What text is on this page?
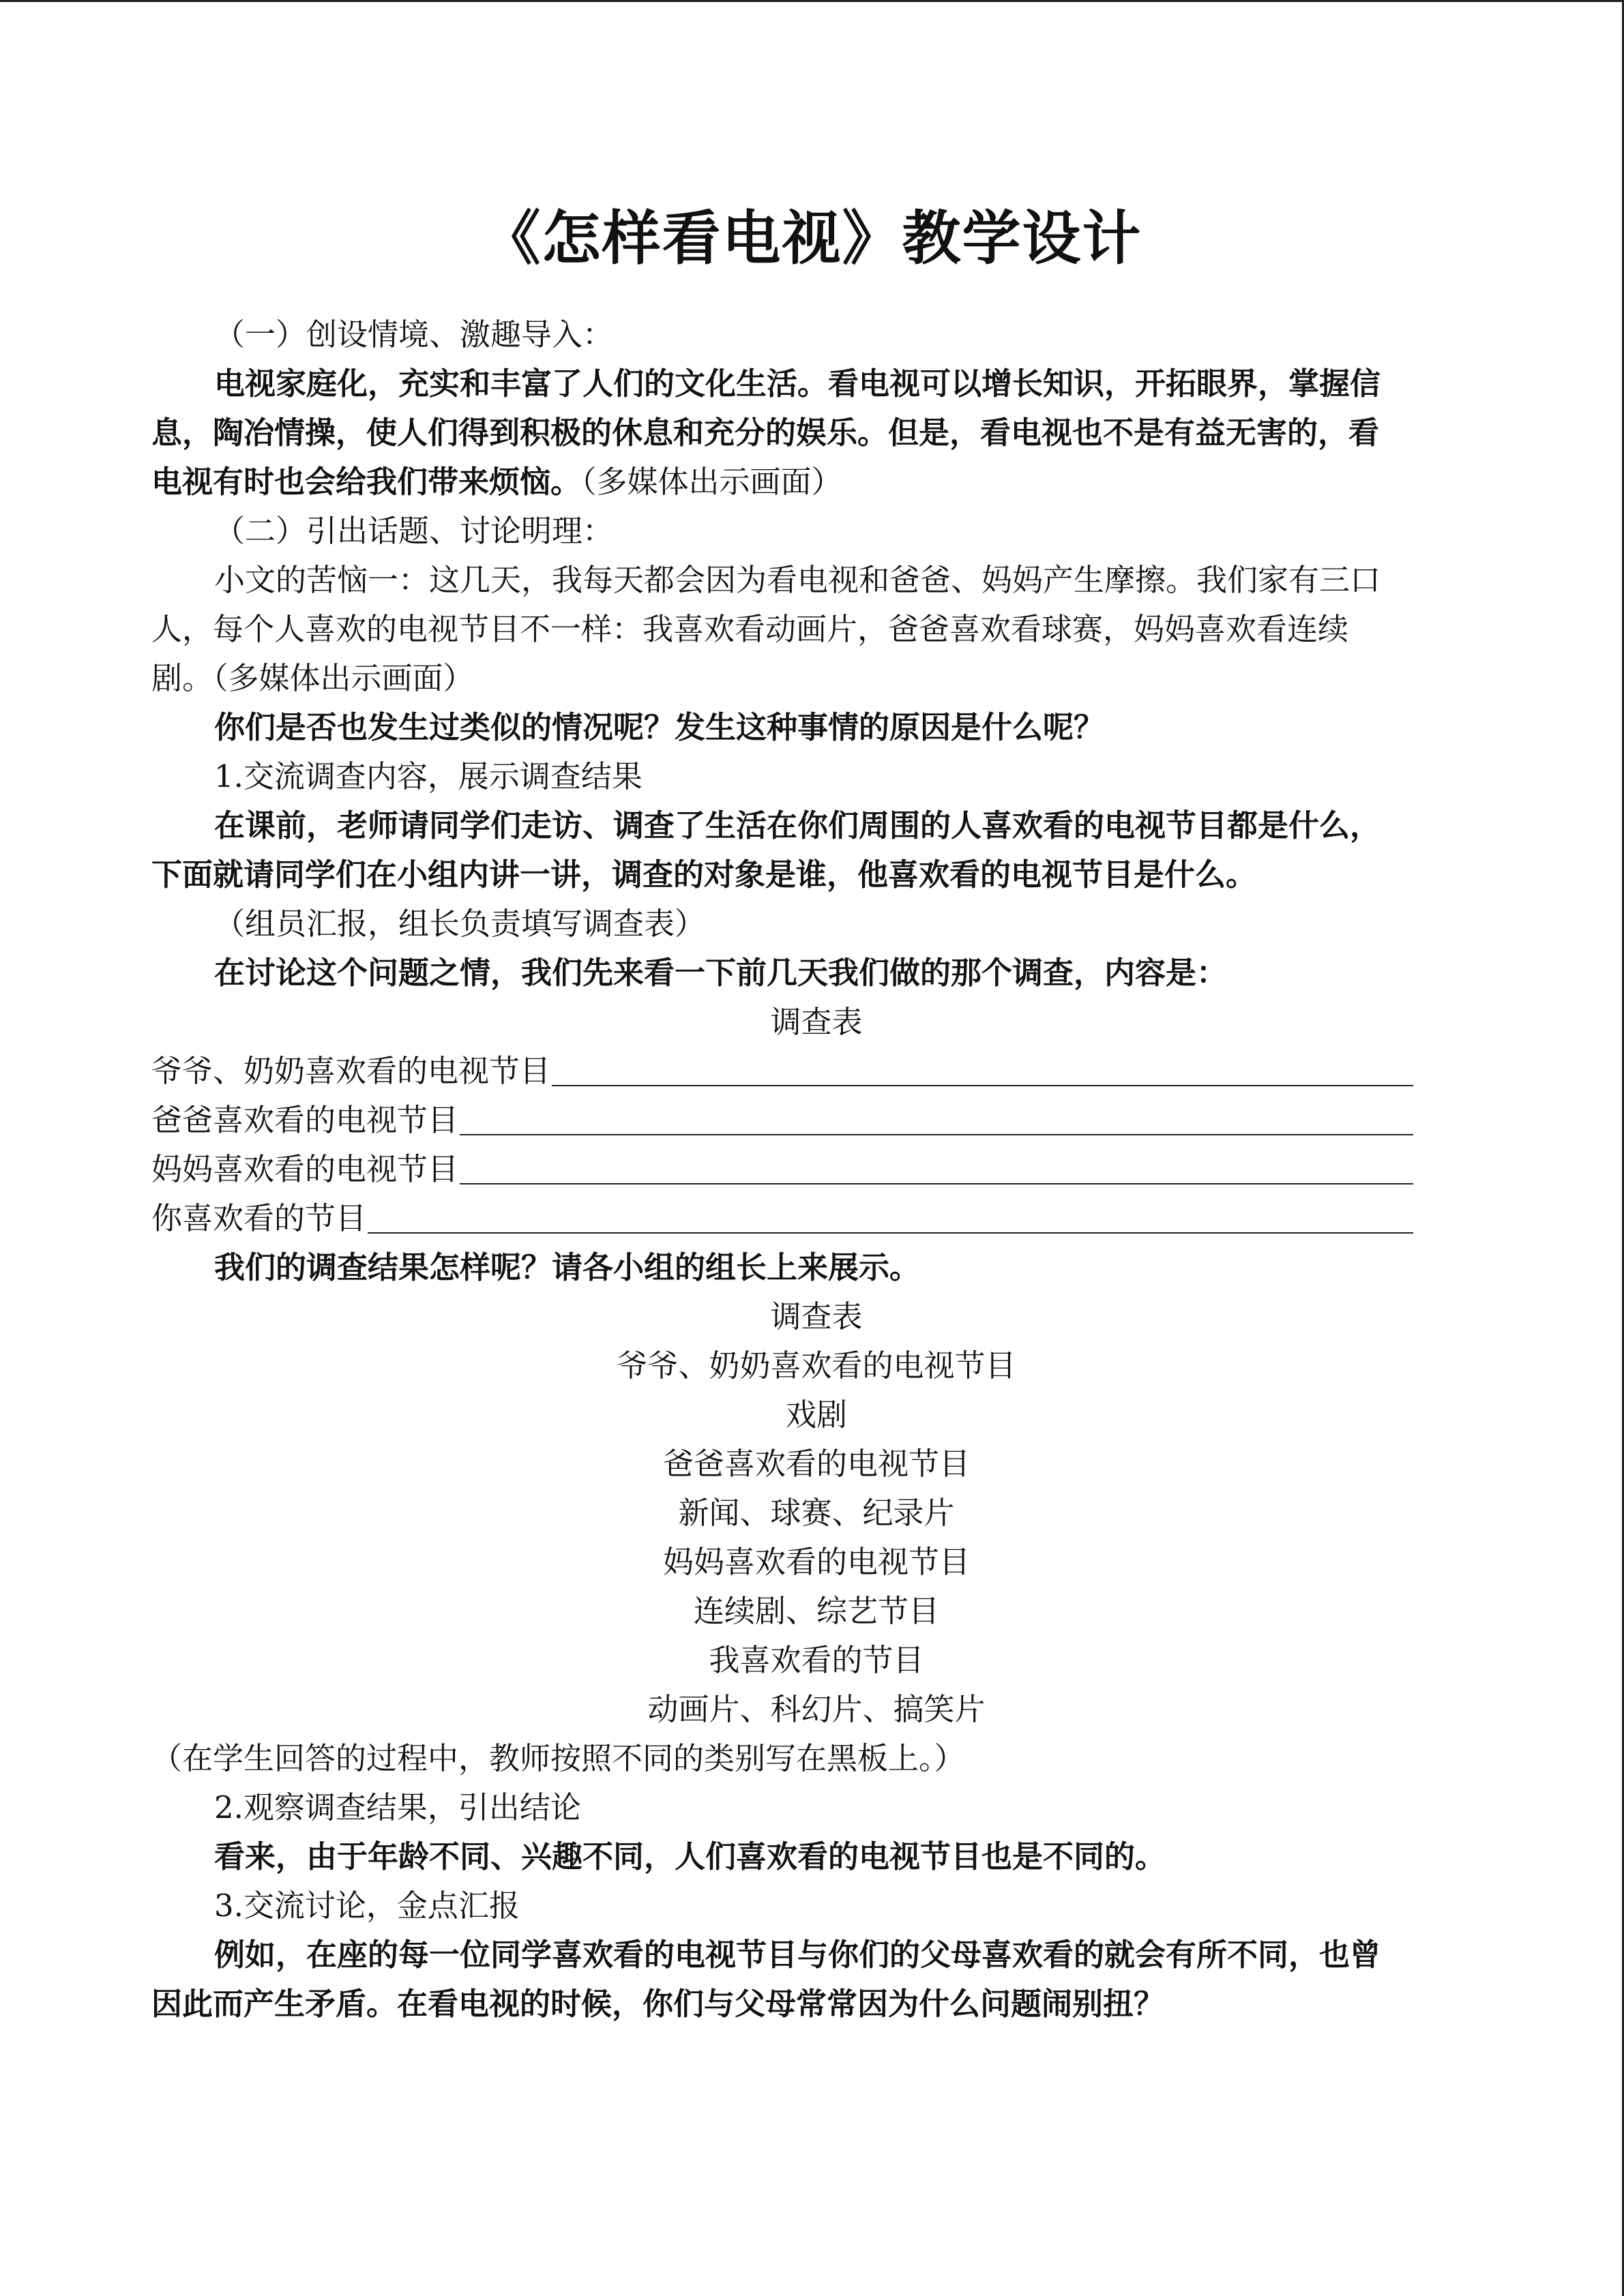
《怎样看电视》教学设计
（一）创设情境、激趣导入：
电视家庭化，充实和丰富了人们的文化生活。看电视可以增长知识，开拓眼界，掌握信
息，陶冶情操，使人们得到积极的休息和充分的娱乐。但是，看电视也不是有益无害的，看
电视有时也会给我们带来烦恼。（多媒体出示画面）
（二）引出话题、讨论明理：
小文的苦恼一：这几天，我每天都会因为看电视和爸爸、妈妈产生摩擦。我们家有三口
人，每个人喜欢的电视节目不一样：我喜欢看动画片，爸爸喜欢看球赛，妈妈喜欢看连续
剧。（多媒体出示画面）
你们是否也发生过类似的情况呢？发生这种事情的原因是什么呢？
1.交流调查内容，展示调查结果
在课前，老师请同学们走访、调查了生活在你们周围的人喜欢看的电视节目都是什么，
下面就请同学们在小组内讲一讲，调查的对象是谁，他喜欢看的电视节目是什么。
（组员汇报，组长负责填写调查表）
在讨论这个问题之情，我们先来看一下前几天我们做的那个调查，内容是：
调查表
爷爷、奶奶喜欢看的电视节目
爸爸喜欢看的电视节目
妈妈喜欢看的电视节目
你喜欢看的节目
我们的调查结果怎样呢？请各小组的组长上来展示。
调查表
爷爷、奶奶喜欢看的电视节目
戏剧
爸爸喜欢看的电视节目
新闻、球赛、纪录片
妈妈喜欢看的电视节目
连续剧、综艺节目
我喜欢看的节目
动画片、科幻片、搞笑片
（在学生回答的过程中，教师按照不同的类别写在黑板上。）
2.观察调查结果，引出结论
看来，由于年龄不同、兴趣不同，人们喜欢看的电视节目也是不同的。
3.交流讨论，金点汇报
例如，在座的每一位同学喜欢看的电视节目与你们的父母喜欢看的就会有所不同，也曾
因此而产生矛盾。在看电视的时候，你们与父母常常因为什么问题闹别扭？
